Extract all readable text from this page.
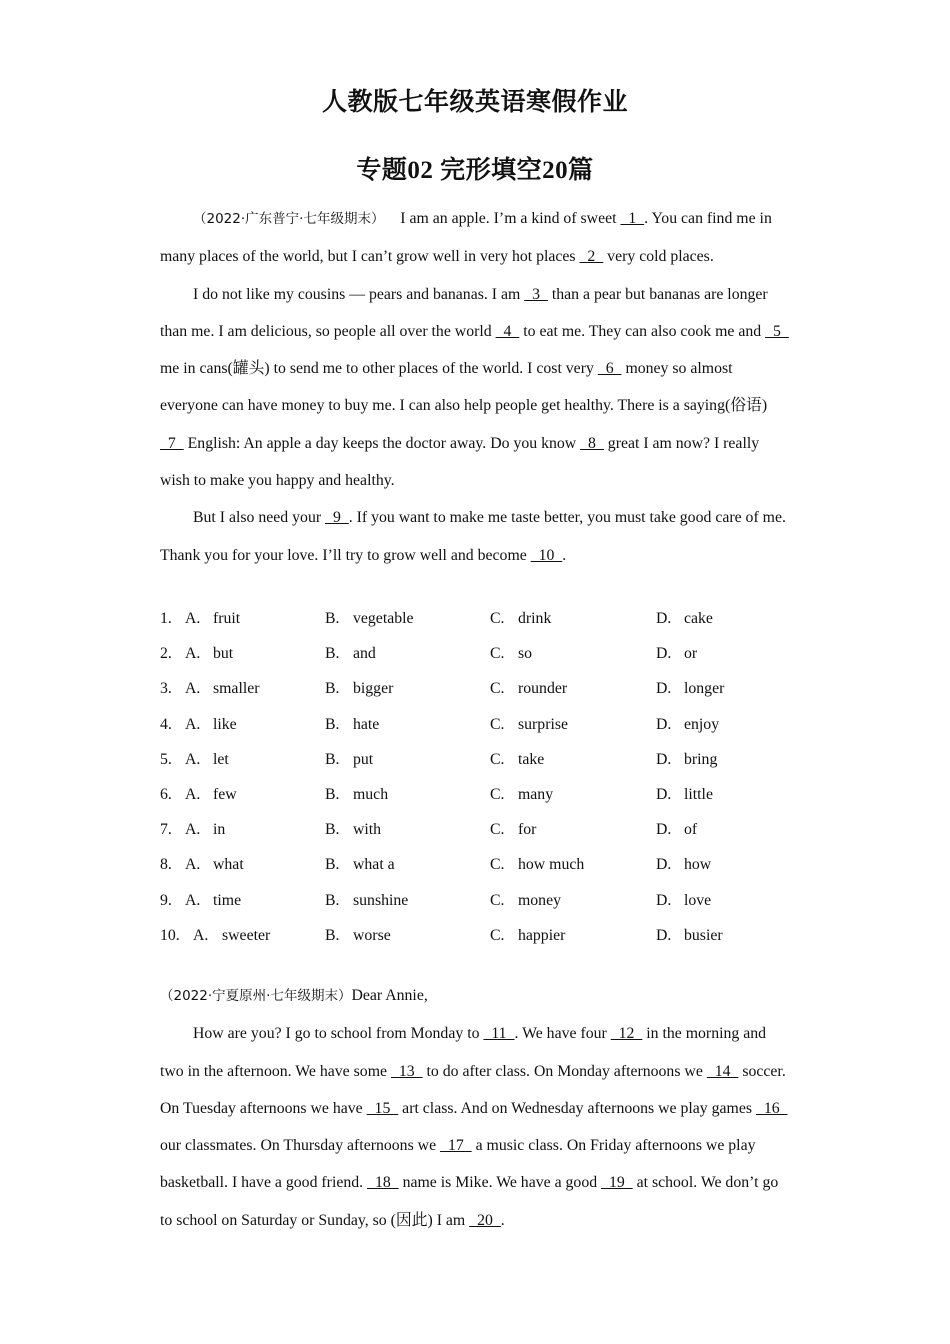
人教版七年级英语寒假作业
专题02 完形填空20篇

（2022·广东普宁·七年级期末） I am an apple. I’m a kind of sweet   1  . You can find me in many places of the world, but I can’t grow well in very hot places   2   very cold places.

I do not like my cousins — pears and bananas. I am   3   than a pear but bananas are longer than me. I am delicious, so people all over the world   4   to eat me. They can also cook me and   5   me in cans(罐头) to send me to other places of the world. I cost very   6   money so almost everyone can have money to buy me. I can also help people get healthy. There is a saying(俗语)   7   English: An apple a day keeps the doctor away. Do you know   8   great I am now? I really wish to make you happy and healthy.

But I also need your   9  . If you want to make me taste better, you must take good care of me. Thank you for your love. I’ll try to grow well and become   10  .

1. A. fruit	B. vegetable	C. drink	D. cake
2. A. but	B. and	C. so	D. or
3. A. smaller	B. bigger	C. rounder	D. longer
4. A. like	B. hate	C. surprise	D. enjoy
5. A. let	B. put	C. take	D. bring
6. A. few	B. much	C. many	D. little
7. A. in	B. with	C. for	D. of
8. A. what	B. what a	C. how much	D. how
9. A. time	B. sunshine	C. money	D. love
10. A. sweeter	B. worse	C. happier	D. busier

（2022·宁夏原州·七年级期末）Dear Annie,

How are you? I go to school from Monday to   11  . We have four   12   in the morning and two in the afternoon. We have some   13   to do after class. On Monday afternoons we   14   soccer. On Tuesday afternoons we have   15   art class. And on Wednesday afternoons we play games   16   our classmates. On Thursday afternoons we   17   a music class. On Friday afternoons we play basketball. I have a good friend.   18   name is Mike. We have a good   19   at school. We don’t go to school on Saturday or Sunday, so (因此) I am   20  .
